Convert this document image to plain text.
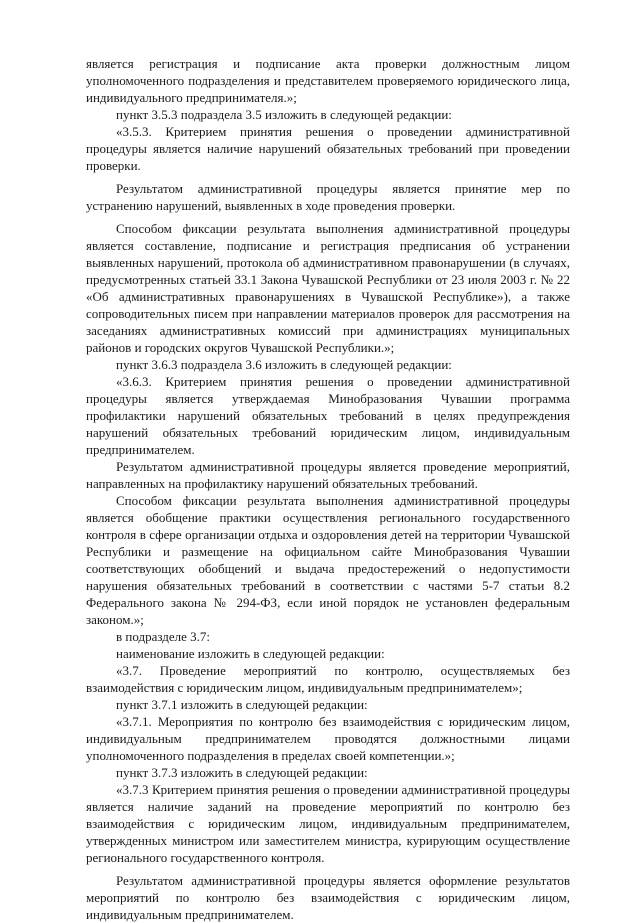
является регистрация и подписание акта проверки должностным лицом уполномоченного подразделения и представителем проверяемого юридического лица, индивидуального предпринимателя.»;

пункт 3.5.3 подраздела 3.5 изложить в следующей редакции:

«3.5.3. Критерием принятия решения о проведении административной процедуры является наличие нарушений обязательных требований при проведении проверки.

Результатом административной процедуры является принятие мер по устранению нарушений, выявленных в ходе проведения проверки.

Способом фиксации результата выполнения административной процедуры является составление, подписание и регистрация предписания об устранении выявленных нарушений, протокола об административном правонарушении (в случаях, предусмотренных статьей 33.1 Закона Чувашской Республики от 23 июля 2003 г. № 22 «Об административных правонарушениях в Чувашской Республике»), а также сопроводительных писем при направлении материалов проверок для рассмотрения на заседаниях административных комиссий при администрациях муниципальных районов и городских округов Чувашской Республики.»;

пункт 3.6.3 подраздела 3.6 изложить в следующей редакции:

«3.6.3. Критерием принятия решения о проведении административной процедуры является утверждаемая Минобразования Чувашии программа профилактики нарушений обязательных требований в целях предупреждения нарушений обязательных требований юридическим лицом, индивидуальным предпринимателем.

Результатом административной процедуры является проведение мероприятий, направленных на профилактику нарушений обязательных требований.

Способом фиксации результата выполнения административной процедуры является обобщение практики осуществления регионального государственного контроля в сфере организации отдыха и оздоровления детей на территории Чувашской Республики и размещение на официальном сайте Минобразования Чувашии соответствующих обобщений и выдача предостережений о недопустимости нарушения обязательных требований в соответствии с частями 5-7 статьи 8.2 Федерального закона № 294-ФЗ, если иной порядок не установлен федеральным законом.»;

в подразделе 3.7:

наименование изложить в следующей редакции:

«3.7. Проведение мероприятий по контролю, осуществляемых без взаимодействия с юридическим лицом, индивидуальным предпринимателем»;

пункт 3.7.1 изложить в следующей редакции:

«3.7.1. Мероприятия по контролю без взаимодействия с юридическим лицом, индивидуальным предпринимателем проводятся должностными лицами уполномоченного подразделения в пределах своей компетенции.»;

пункт 3.7.3 изложить в следующей редакции:

«3.7.3 Критерием принятия решения о проведении административной процедуры является наличие заданий на проведение мероприятий по контролю без взаимодействия с юридическим лицом, индивидуальным предпринимателем, утвержденных министром или заместителем министра, курирующим осуществление регионального государственного контроля.

Результатом административной процедуры является оформление результатов мероприятий по контролю без взаимодействия с юридическим лицом, индивидуальным предпринимателем.
